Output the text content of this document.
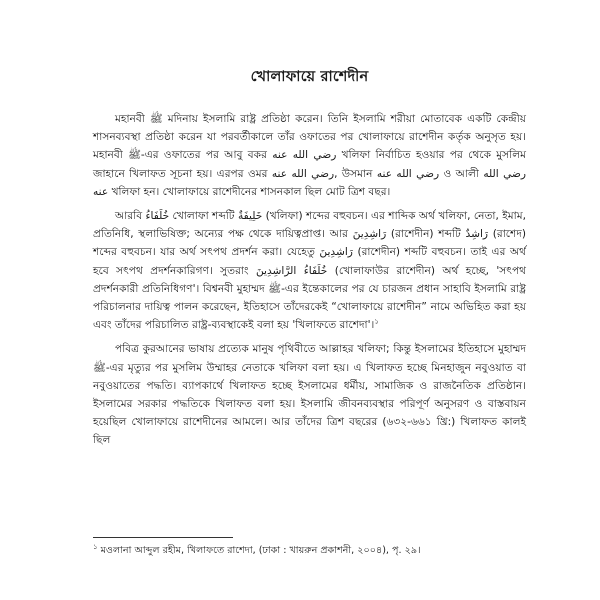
খোলাফায়ে রাশেদীন

মহানবী ﷺ মদিনায় ইসলামি রাষ্ট্র প্রতিষ্ঠা করেন। তিনি ইসলামি শরীয়া মোতাবেক একটি কেন্দ্রীয় শাসনব্যবস্থা প্রতিষ্ঠা করেন যা পরবর্তীকালে তাঁর ওফাতের পর খোলাফায়ে রাশেদীন কর্তৃক অনুসৃত হয়। মহানবী ﷺ-এর ওফাতের পর আবু বকর رضي الله عنه খলিফা নির্বাচিত হওয়ার পর থেকে মুসলিম জাহানে খিলাফত সূচনা হয়। এরপর ওমর رضي الله عنه, উসমান رضي الله عنه ও আলী رضي الله عنه খলিফা হন। খোলাফায়ে রাশেদীনের শাসনকাল ছিল মোট ত্রিশ বছর।

আরবি خُلَفَاءُ খোলাফা শব্দটি خَلِيفَةٌ (খলিফা) শব্দের বহুবচন। এর শাব্দিক অর্থ খলিফা, নেতা, ইমাম, প্রতিনিধি, স্থলাভিষিক্ত; অন্যের পক্ষ থেকে দায়িত্বপ্রাপ্ত। আর رَاشِدِينَ (রাশেদীন) শব্দটি رَاشِدٌ (রাশেদ) শব্দের বহুবচন। যার অর্থ সৎপথ প্রদর্শন করা। যেহেতু رَاشِدِينَ (রাশেদীন) শব্দটি বহুবচন। তাই এর অর্থ হবে সৎপথ প্রদর্শনকারিগণ। সুতরাং خُلَفَاءُ الرَّاشِدِينَ (খোলাফাউর রাশেদীন) অর্থ হচ্ছে, 'সৎপথ প্রদর্শনকারী প্রতিনিধিগণ'। বিশ্বনবী মুহাম্মদ ﷺ-এর ইন্তেকালের পর যে চারজন প্রধান সাহাবি ইসলামি রাষ্ট্র পরিচালনার দায়িত্ব পালন করেছেন, ইতিহাসে তাঁদেরকেই “খোলাফায়ে রাশেদীন” নামে অভিহিত করা হয় এবং তাঁদের পরিচালিত রাষ্ট্র-ব্যবস্থাকেই বলা হয় 'খিলাফতে রাশেদা'।$^১$

পবিত্র কুরআনের ভাষায় প্রত্যেক মানুষ পৃথিবীতে আল্লাহর খলিফা; কিন্তু ইসলামের ইতিহাসে মুহাম্মদ ﷺ-এর মৃত্যুর পর মুসলিম উম্মাহর নেতাকে খলিফা বলা হয়। এ খিলাফত হচ্ছে মিনহাজুন নবুওয়াত বা নবুওয়াতের পদ্ধতি। ব্যাপকার্থে খিলাফত হচ্ছে ইসলামের ধর্মীয়, সামাজিক ও রাজনৈতিক প্রতিষ্ঠান। ইসলামের সরকার পদ্ধতিকে খিলাফত বলা হয়। ইসলামি জীবনব্যবস্থার পরিপূর্ণ অনুসরণ ও বাস্তবায়ন হয়েছিল খোলাফায়ে রাশেদীনের আমলে। আর তাঁদের ত্রিশ বছরের (৬৩২-৬৬১ খ্রি:) খিলাফত কালই ছিল

$^১$ মওলানা আব্দুল রহীম, খিলাফতে রাশেদা, (ঢাকা : খায়রুন প্রকাশনী, ২০০৪), পৃ. ২৯।
